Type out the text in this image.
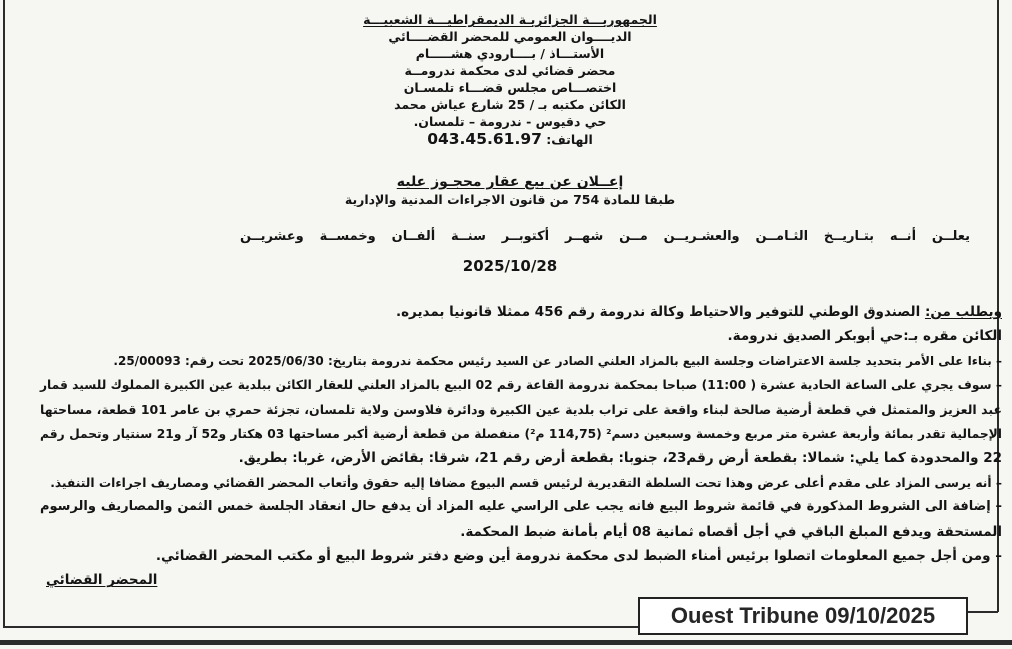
الجمهوريـــة الجزائريـة الديمقراطيـــة الشعبيـــة
الديــــوان العمومي للمحضر القضــــائي
الأستـــاذ / بــــارودي هشـــــام
محضر قضائي لدى محكمة ندرومــة
اختصـــاص مجلس قضـــاء تلمسـان
الكائن مكتبه بـ / 25 شارع عياش محمد
حي دقيوس - ندرومة – تلمسان.
الهاتف: 043.45.61.97
إعــلان عن بيع عقار محجـوز عليه
طبقا للمادة 754 من قانون الاجراءات المدنية والإدارية
يعلــن أنــه بتـاريــخ الثـامــن والعشـريــن مــن شهــر أكتوبــر سنــة ألفــان وخمســة وعشريــن
2025/10/28
ويطلب من: الصندوق الوطني للتوفير والاحتياط وكالة ندرومة رقم 456 ممثلا قانونيا بمديره.
الكائن مقره بـ:حي أبوبكر الصديق ندرومة.
– بناءا على الأمر بتحديد جلسة الاعتراضات وجلسة البيع بالمزاد العلني الصادر عن السيد رئيس محكمة ندرومة بتاريخ: 2025/06/30 تحت رقم: 25/00093.
– سوف يجري على الساعة الحادية عشرة ( 11:00) صباحا بمحكمة ندرومة القاعة رقم 02 البيع بالمزاد العلني للعقار الكائن ببلدية عين الكبيرة المملوك للسيد قمار
عبد العزيز والمتمثل في قطعة أرضية صالحة لبناء واقعة على تراب بلدية عين الكبيرة ودائرة فلاوسن ولاية تلمسان، تجزئة حمري بن عامر 101 قطعة، مساحتها
الإجمالية تقدر بمائة وأربعة عشرة متر مربع وخمسة وسبعين دسم² (114,75 م²) منفصلة من قطعة أرضية أكبر مساحتها 03 هكتار و52 آر و21 سنتيار وتحمل رقم
22 والمحدودة كما يلي: شمالا: بقطعة أرض رقم23، جنوبا: بقطعة أرض رقم 21، شرقا: بقائض الأرض، غربا: بطريق.
– أنه يرسى المزاد على مقدم أعلى عرض وهذا تحت السلطة التقديرية لرئيس قسم البيوع مضافا إليه حقوق وأتعاب المحضر القضائي ومصاريف اجراءات التنفيذ.
– إضافة الى الشروط المذكورة في قائمة شروط البيع فانه يجب على الراسي عليه المزاد أن يدفع حال انعقاد الجلسة خمس الثمن والمصاريف والرسوم
المستحقة ويدفع المبلغ الباقي في أجل أقصاه ثمانية 08 أيام بأمانة ضبط المحكمة.
– ومن أجل جميع المعلومات اتصلوا برئيس أمناء الضبط لدى محكمة ندرومة أين وضع دفتر شروط البيع أو مكتب المحضر القضائي.
المحضر القضائي
Ouest Tribune 09/10/2025
